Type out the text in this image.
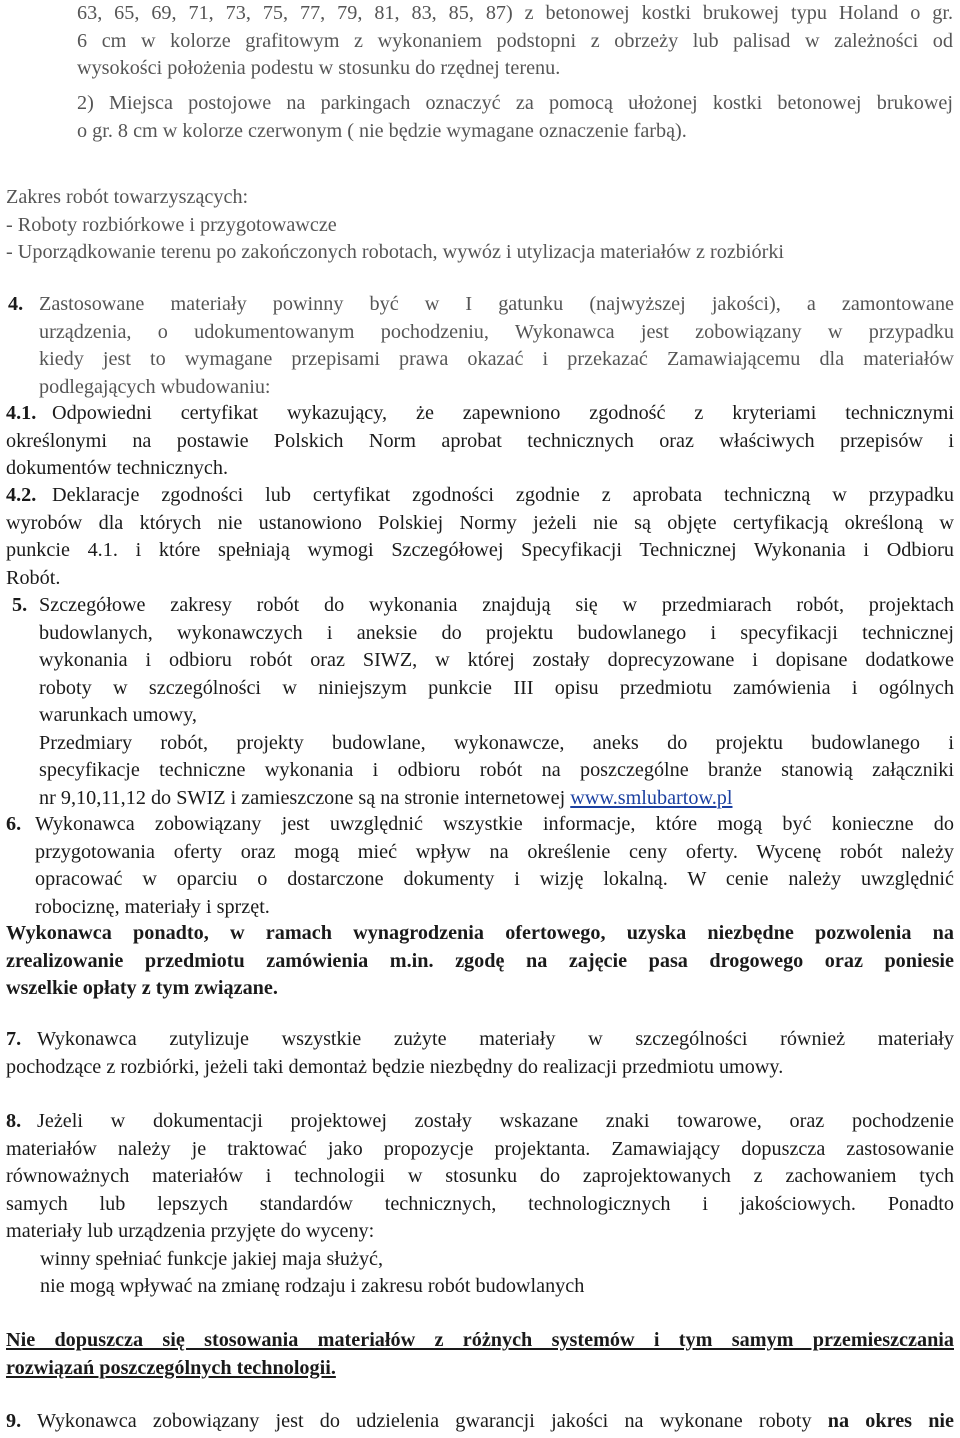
63, 65, 69, 71, 73, 75, 77, 79, 81, 83, 85, 87) z betonowej kostki brukowej typu Holand o gr.
6 cm w kolorze grafitowym z wykonaniem podstopni z obrzeży lub palisad w zależności od
wysokości położenia podestu w stosunku do rzędnej terenu.
2) Miejsca postojowe na parkingach oznaczyć za pomocą ułożonej kostki betonowej brukowej
o gr. 8 cm w kolorze czerwonym ( nie będzie wymagane oznaczenie farbą).
Zakres robót towarzyszących:
- Roboty rozbiórkowe i przygotowawcze
- Uporządkowanie terenu po zakończonych robotach, wywóz i utylizacja materiałów z rozbiórki
4. Zastosowane materiały powinny być w I gatunku (najwyższej jakości), a zamontowane
urządzenia, o udokumentowanym pochodzeniu, Wykonawca jest zobowiązany w przypadku
kiedy jest to wymagane przepisami prawa okazać i przekazać Zamawiającemu dla materiałów
podlegających wbudowaniu:
4.1. Odpowiedni certyfikat wykazujący, że zapewniono zgodność z kryteriami technicznymi
określonymi na postawie Polskich Norm aprobat technicznych oraz właściwych przepisów i
dokumentów technicznych.
4.2. Deklaracje zgodności lub certyfikat zgodności zgodnie z aprobata techniczną w przypadku
wyrobów dla których nie ustanowiono Polskiej Normy jeżeli nie są objęte certyfikacją określoną w
punkcie 4.1. i które spełniają wymogi Szczegółowej Specyfikacji Technicznej Wykonania i Odbioru
Robót.
5. Szczegółowe zakresy robót do wykonania znajdują się w przedmiarach robót, projektach
budowlanych, wykonawczych i aneksie do projektu budowlanego i specyfikacji technicznej
wykonania i odbioru robót oraz SIWZ, w której zostały doprecyzowane i dopisane dodatkowe
roboty w szczególności w niniejszym punkcie III opisu przedmiotu zamówienia i ogólnych
warunkach umowy,
Przedmiary robót, projekty budowlane, wykonawcze, aneks do projektu budowlanego i
specyfikacje techniczne wykonania i odbioru robót na poszczególne branże stanowią załączniki
nr 9,10,11,12 do SWIZ i zamieszczone są na stronie internetowej www.smlubartow.pl
6. Wykonawca zobowiązany jest uwzględnić wszystkie informacje, które mogą być konieczne do
przygotowania oferty oraz mogą mieć wpływ na określenie ceny oferty. Wycenę robót należy
opracować w oparciu o dostarczone dokumenty i wizję lokalną. W cenie należy uwzględnić
robociznę, materiały i sprzęt.
Wykonawca ponadto, w ramach wynagrodzenia ofertowego, uzyska niezbędne pozwolenia na
zrealizowanie przedmiotu zamówienia m.in. zgodę na zajęcie pasa drogowego oraz poniesie
wszelkie opłaty z tym związane.
7. Wykonawca zutylizuje wszystkie zużyte materiały w szczególności również materiały
pochodzące z rozbiórki, jeżeli taki demontaż będzie niezbędny do realizacji przedmiotu umowy.
8. Jeżeli w dokumentacji projektowej zostały wskazane znaki towarowe, oraz pochodzenie
materiałów należy je traktować jako propozycje projektanta. Zamawiający dopuszcza zastosowanie
równoważnych materiałów i technologii w stosunku do zaprojektowanych z zachowaniem tych
samych lub lepszych standardów technicznych, technologicznych i jakościowych. Ponadto
materiały lub urządzenia przyjęte do wyceny:
winny spełniać funkcje jakiej maja służyć,
nie mogą wpływać na zmianę rodzaju i zakresu robót budowlanych
Nie dopuszcza się stosowania materiałów z różnych systemów i tym samym przemieszczania
rozwiązań poszczególnych technologii.
9. Wykonawca zobowiązany jest do udzielenia gwarancji jakości na wykonane roboty na okres nie
